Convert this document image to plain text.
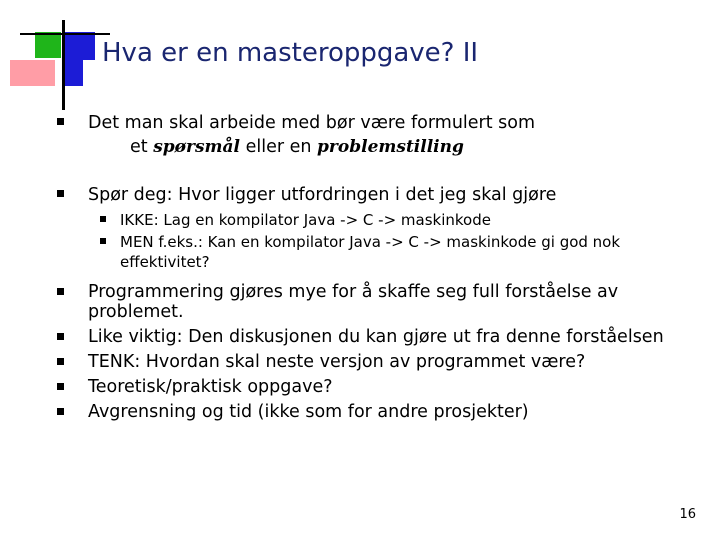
Hva er en masteroppgave? II
Det man skal arbeide med bør være formulert som
et spørsmål eller en problemstilling
Spør deg: Hvor ligger utfordringen i det jeg skal gjøre
IKKE: Lag en kompilator Java -> C -> maskinkode
MEN f.eks.: Kan en kompilator Java -> C -> maskinkode gi god nok
effektivitet?
Programmering gjøres mye for å skaffe seg full forståelse av
problemet.
Like viktig: Den diskusjonen du kan gjøre ut fra denne forståelsen
TENK: Hvordan skal neste versjon av programmet være?
Teoretisk/praktisk oppgave?
Avgrensning og tid (ikke som for andre prosjekter)
16
